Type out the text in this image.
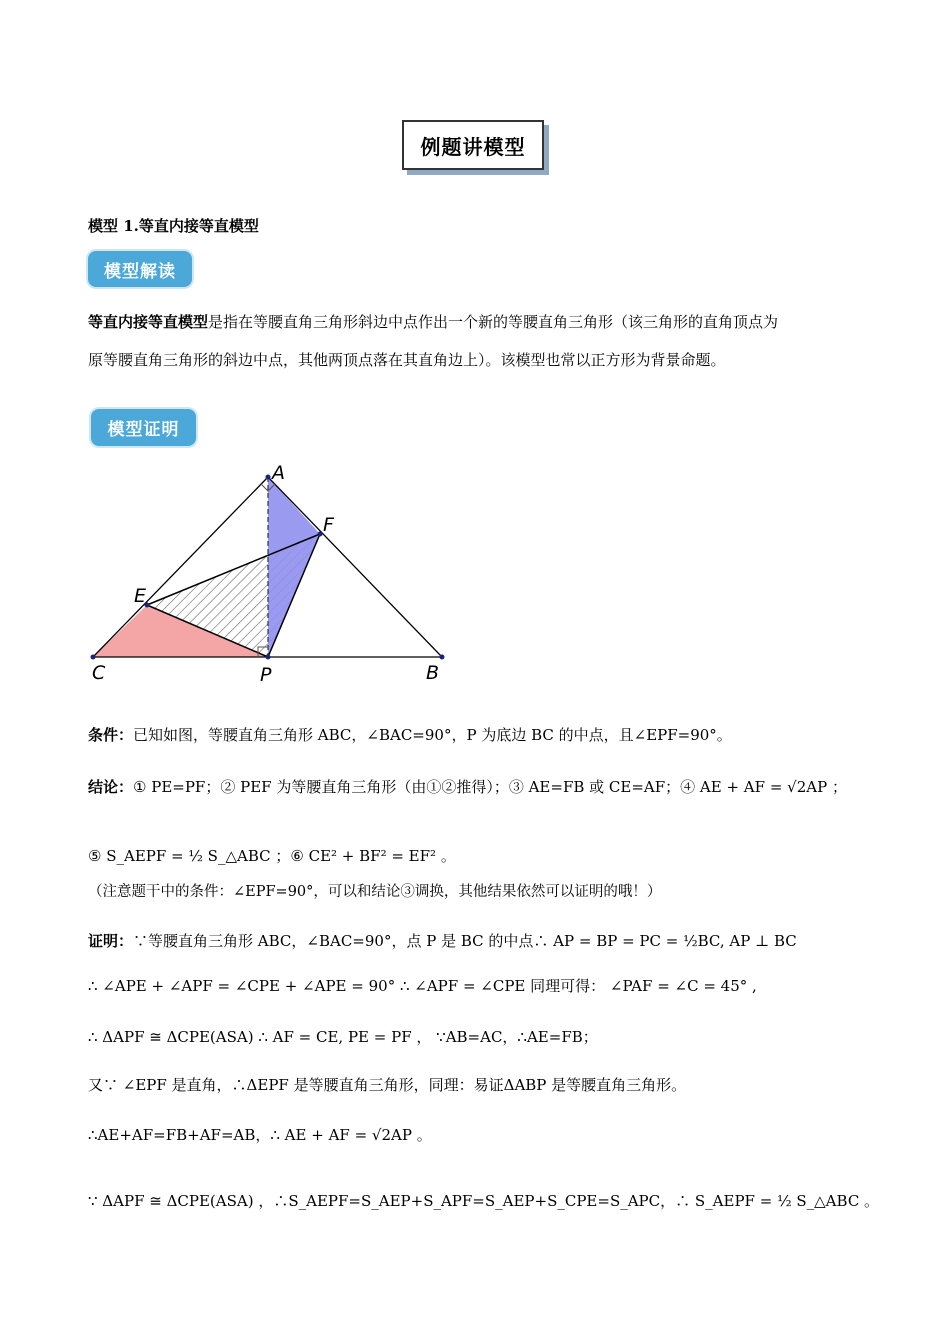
例题讲模型
模型 1.等直内接等直模型
模型解读
等直内接等直模型是指在等腰直角三角形斜边中点作出一个新的等腰直角三角形（该三角形的直角顶点为
原等腰直角三角形的斜边中点，其他两顶点落在其直角边上）。该模型也常以正方形为背景命题。
模型证明
A
F
E
C	P	B
条件：已知如图，等腰直角三角形 ABC，∠BAC=90°，P 为底边 BC 的中点，且∠EPF=90°。
结论：① PE=PF；② PEF 为等腰直角三角形（由①②推得）；③ AE=FB 或 CE=AF；④ AE + AF = √2AP ；
⑤ S_AEPF = ½ S_△ABC ；⑥ CE² + BF² = EF² 。
（注意题干中的条件：∠EPF=90°，可以和结论③调换，其他结果依然可以证明的哦！）
证明：∵等腰直角三角形 ABC，∠BAC=90°，点 P 是 BC 的中点∴ AP = BP = PC = ½BC, AP ⊥ BC
∴ ∠APE + ∠APF = ∠CPE + ∠APE = 90° ∴ ∠APF = ∠CPE 同理可得： ∠PAF = ∠C = 45° ,
∴ ΔAPF ≅ ΔCPE(ASA) ∴ AF = CE, PE = PF ， ∵AB=AC，∴AE=FB；
又∵ ∠EPF 是直角，∴ΔEPF 是等腰直角三角形，同理：易证ΔABP 是等腰直角三角形。
∴AE+AF=FB+AF=AB，∴ AE + AF = √2AP 。
∵ ΔAPF ≅ ΔCPE(ASA) ，∴S_AEPF=S_AEP+S_APF=S_AEP+S_CPE=S_APC，∴ S_AEPF = ½ S_△ABC 。
